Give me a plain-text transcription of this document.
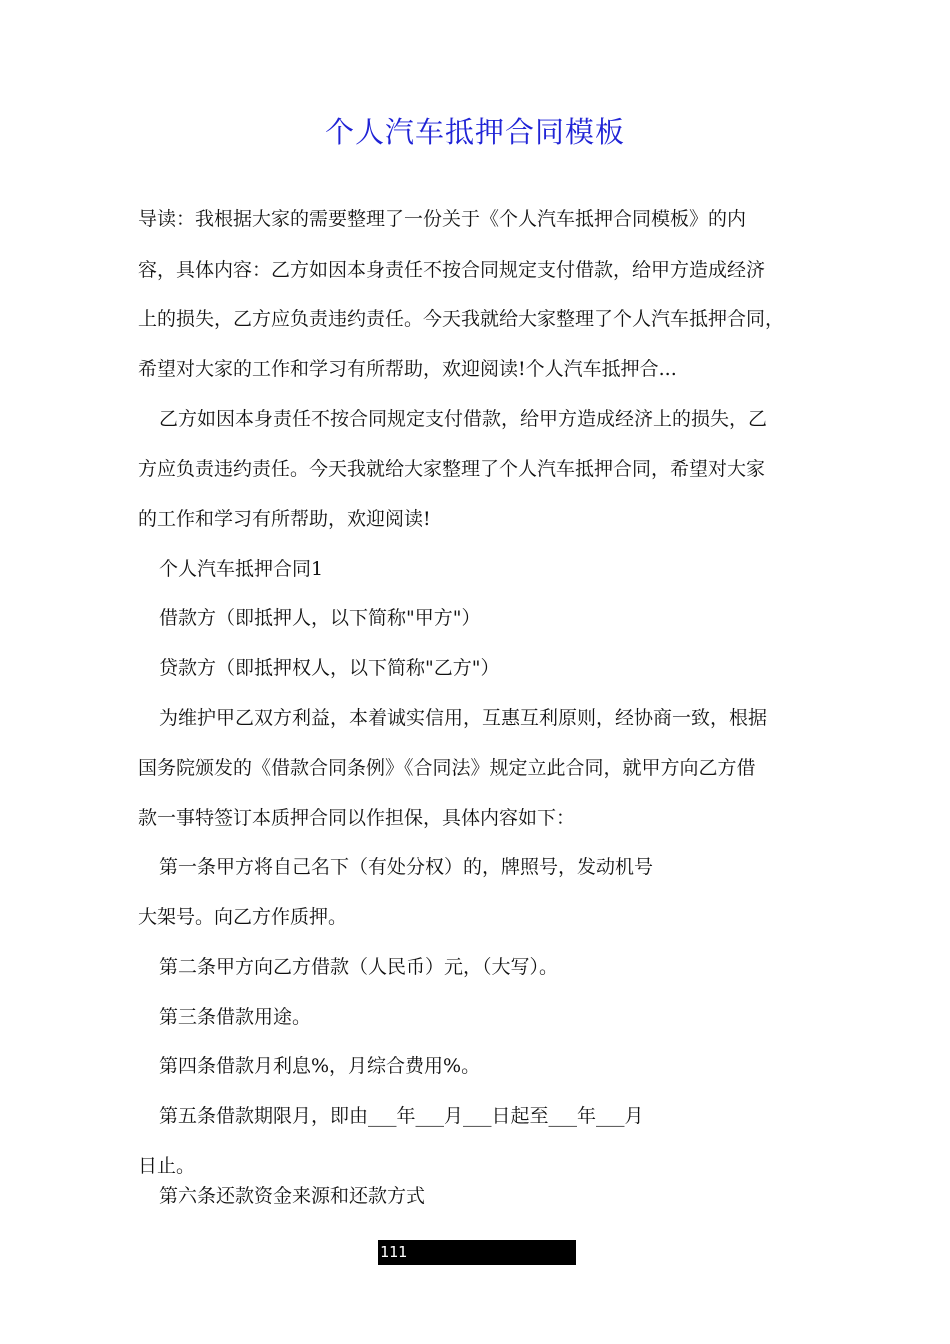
个人汽车抵押合同模板
导读：我根据大家的需要整理了一份关于《个人汽车抵押合同模板》的内
容，具体内容：乙方如因本身责任不按合同规定支付借款，给甲方造成经济
上的损失，乙方应负责违约责任。今天我就给大家整理了个人汽车抵押合同，
希望对大家的工作和学习有所帮助，欢迎阅读!个人汽车抵押合...
乙方如因本身责任不按合同规定支付借款，给甲方造成经济上的损失，乙
方应负责违约责任。今天我就给大家整理了个人汽车抵押合同，希望对大家
的工作和学习有所帮助，欢迎阅读!
个人汽车抵押合同1
借款方（即抵押人，以下简称"甲方"）
贷款方（即抵押权人，以下简称"乙方"）
为维护甲乙双方利益，本着诚实信用，互惠互利原则，经协商一致，根据
国务院颁发的《借款合同条例》《合同法》规定立此合同，就甲方向乙方借
款一事特签订本质押合同以作担保，具体内容如下：
第一条甲方将自己名下（有处分权）的，牌照号，发动机号
大架号。向乙方作质押。
第二条甲方向乙方借款（人民币）元，（大写）。
第三条借款用途。
第四条借款月利息%，月综合费用%。
第五条借款期限月，即由___年___月___日起至___年___月
日止。
第六条还款资金来源和还款方式
111
